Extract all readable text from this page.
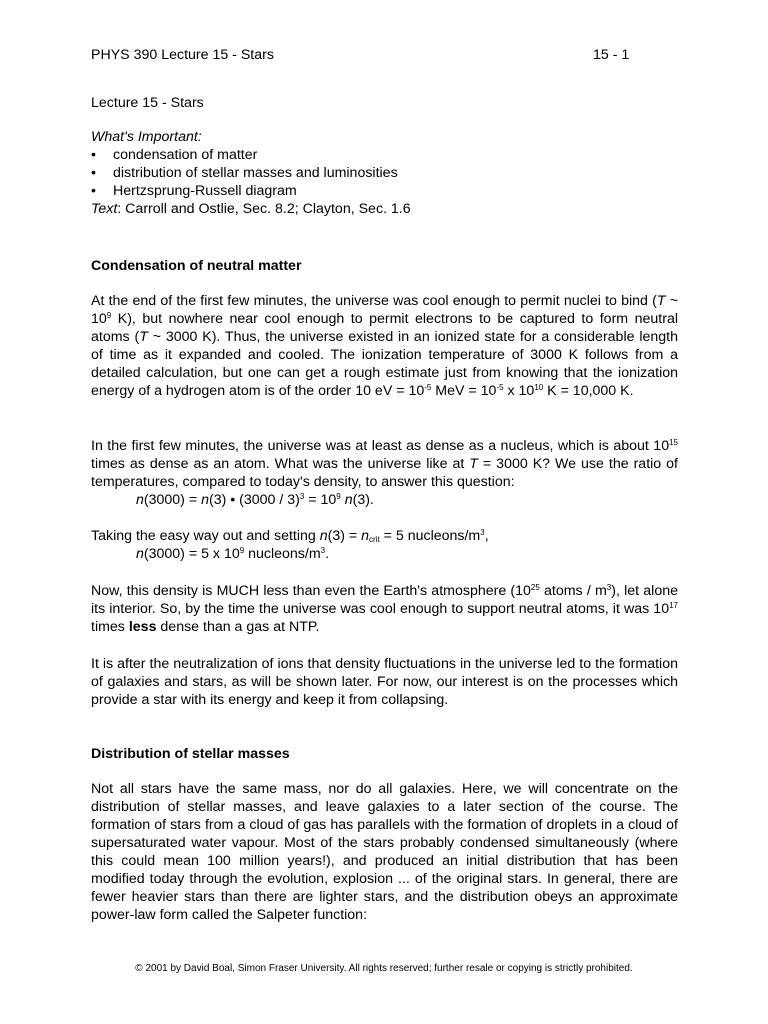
PHYS 390 Lecture 15 - Stars	15 - 1
Lecture 15 - Stars
What's Important:
• condensation of matter
• distribution of stellar masses and luminosities
• Hertzsprung-Russell diagram
Text: Carroll and Ostlie, Sec. 8.2; Clayton, Sec. 1.6
Condensation of neutral matter
At the end of the first few minutes, the universe was cool enough to permit nuclei to bind (T ~ $10^9$ K), but nowhere near cool enough to permit electrons to be captured to form neutral atoms (T ~ 3000 K). Thus, the universe existed in an ionized state for a considerable length of time as it expanded and cooled. The ionization temperature of 3000 K follows from a detailed calculation, but one can get a rough estimate just from knowing that the ionization energy of a hydrogen atom is of the order 10 eV = $10^{-5}$ MeV = $10^{-5}$ x $10^{10}$ K = 10,000 K.
In the first few minutes, the universe was at least as dense as a nucleus, which is about $10^{15}$ times as dense as an atom. What was the universe like at T = 3000 K? We use the ratio of temperatures, compared to today's density, to answer this question:
n(3000) = n(3) • $(3000 / 3)^3 = 10^9$ n(3).
Taking the easy way out and setting $n(3) = n_{crit} = 5$ nucleons/$m^3$,
n(3000) = 5 x $10^9$ nucleons/$m^3$.
Now, this density is MUCH less than even the Earth's atmosphere ($10^{25}$ atoms / $m^3$), let alone its interior. So, by the time the universe was cool enough to support neutral atoms, it was $10^{17}$ times less dense than a gas at NTP.
It is after the neutralization of ions that density fluctuations in the universe led to the formation of galaxies and stars, as will be shown later. For now, our interest is on the processes which provide a star with its energy and keep it from collapsing.
Distribution of stellar masses
Not all stars have the same mass, nor do all galaxies. Here, we will concentrate on the distribution of stellar masses, and leave galaxies to a later section of the course. The formation of stars from a cloud of gas has parallels with the formation of droplets in a cloud of supersaturated water vapour. Most of the stars probably condensed simultaneously (where this could mean 100 million years!), and produced an initial distribution that has been modified today through the evolution, explosion ... of the original stars. In general, there are fewer heavier stars than there are lighter stars, and the distribution obeys an approximate power-law form called the Salpeter function:
© 2001 by David Boal, Simon Fraser University. All rights reserved; further resale or copying is strictly prohibited.
